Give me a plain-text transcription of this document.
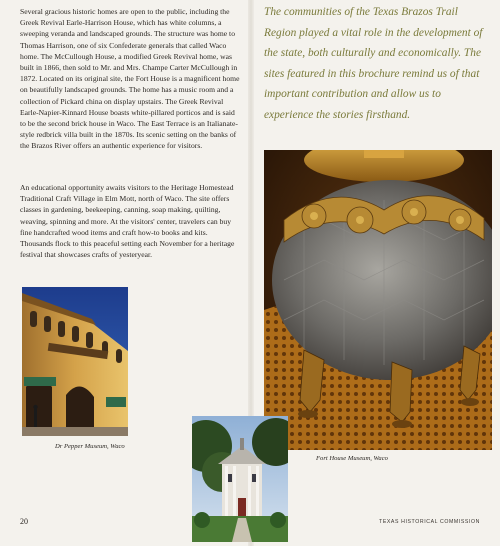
Several gracious historic homes are open to the public, including the Greek Revival Earle-Harrison House, which has white columns, a sweeping veranda and landscaped grounds. The structure was home to Thomas Harrison, one of six Confederate generals that called Waco home. The McCullough House, a modified Greek Revival home, was built in 1866, then sold to Mr. and Mrs. Champe Carter McCullough in 1872. Located on its original site, the Fort House is a magnificent home on beautifully landscaped grounds. The home has a music room and a collection of Pickard china on display upstairs. The Greek Revival Earle-Napier-Kinnard House boasts white-pillared porticos and is said to be the second brick house in Waco. The East Terrace is an Italianate-style redbrick villa built in the 1870s. Its scenic setting on the banks of the Brazos River offers an authentic experience for visitors.

An educational opportunity awaits visitors to the Heritage Homestead Traditional Craft Village in Elm Mott, north of Waco. The site offers classes in gardening, beekeeping, canning, soap making, quilting, weaving, spinning and more. At the visitors' center, travelers can buy fine handcrafted wood items and craft how-to books and kits. Thousands flock to this peaceful setting each November for a heritage festival that showcases crafts of yesteryear.

The communities of the Texas Brazos Trail Region played a vital role in the development of the state, both culturally and economically. The sites featured in this brochure remind us of that important contribution and allow us to experience the stories firsthand.

Dr Pepper Museum, Waco

Fort House Museum, Waco

20	TEXAS HISTORICAL COMMISSION
